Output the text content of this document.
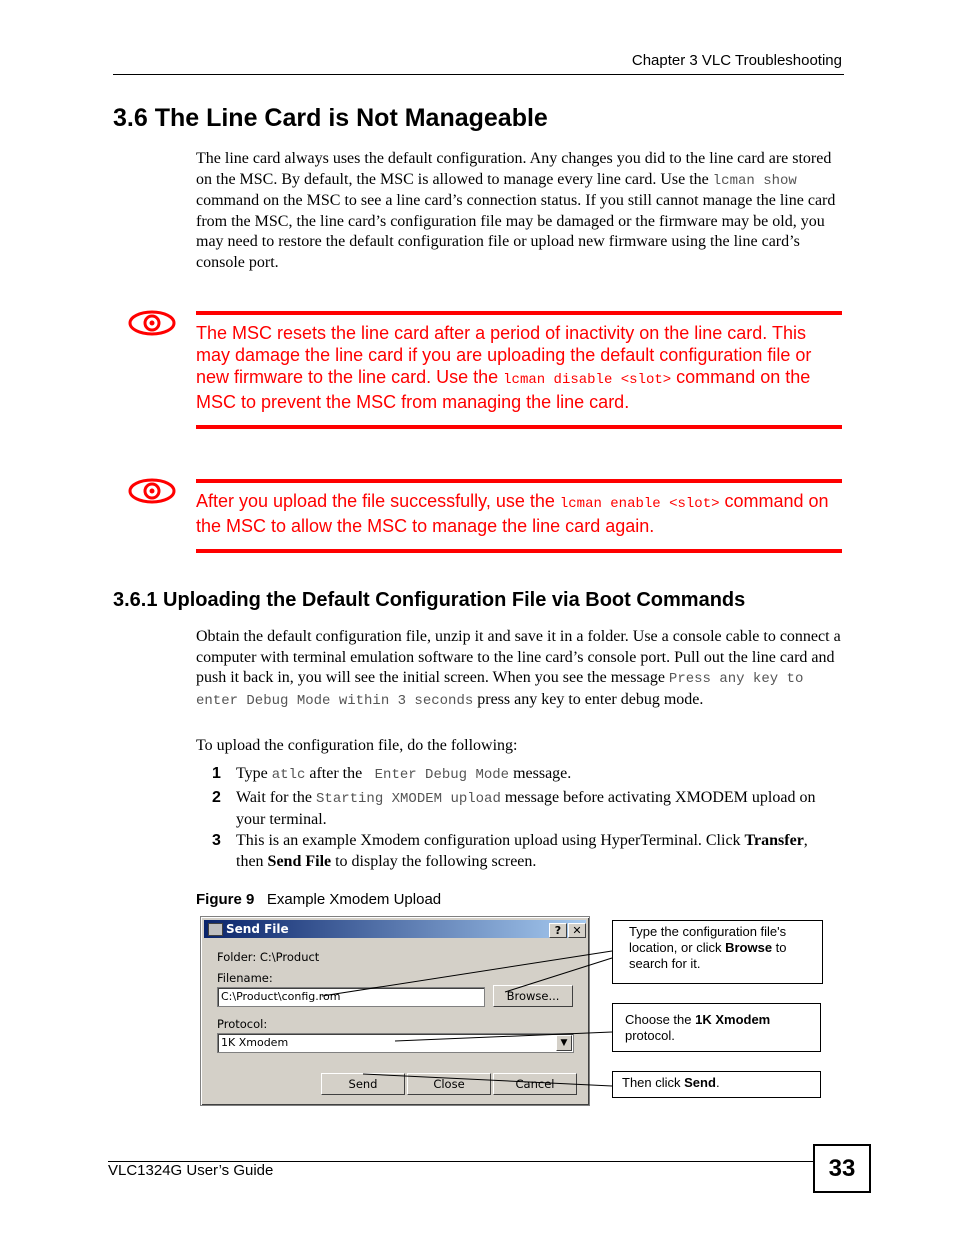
Chapter 3 VLC Troubleshooting
3.6 The Line Card is Not Manageable
The line card always uses the default configuration. Any changes you did to the line card are stored on the MSC. By default, the MSC is allowed to manage every line card. Use the lcman show command on the MSC to see a line card’s connection status. If you still cannot manage the line card from the MSC, the line card’s configuration file may be damaged or the firmware may be old, you may need to restore the default configuration file or upload new firmware using the line card’s console port.
The MSC resets the line card after a period of inactivity on the line card. This may damage the line card if you are uploading the default configuration file or new firmware to the line card. Use the lcman disable <slot> command on the MSC to prevent the MSC from managing the line card.
After you upload the file successfully, use the lcman enable <slot> command on the MSC to allow the MSC to manage the line card again.
3.6.1 Uploading the Default Configuration File via Boot Commands
Obtain the default configuration file, unzip it and save it in a folder. Use a console cable to connect a computer with terminal emulation software to the line card’s console port. Pull out the line card and push it back in, you will see the initial screen. When you see the message Press any key to enter Debug Mode within 3 seconds press any key to enter debug mode.
To upload the configuration file, do the following:
1 Type atlc after the  Enter Debug Mode message.
2 Wait for the Starting XMODEM upload message before activating XMODEM upload on your terminal.
3 This is an example Xmodem configuration upload using HyperTerminal. Click Transfer, then Send File to display the following screen.
Figure 9 Example Xmodem Upload
Send File	?	✕
Folder: C:\Product
Filename:
C:\Product\config.rom	Browse...
Protocol:
1K Xmodem	▼
Send	Close	Cancel
Type the configuration file's location, or click Browse to search for it.
Choose the 1K Xmodem protocol.
Then click Send.
VLC1324G User’s Guide	33
